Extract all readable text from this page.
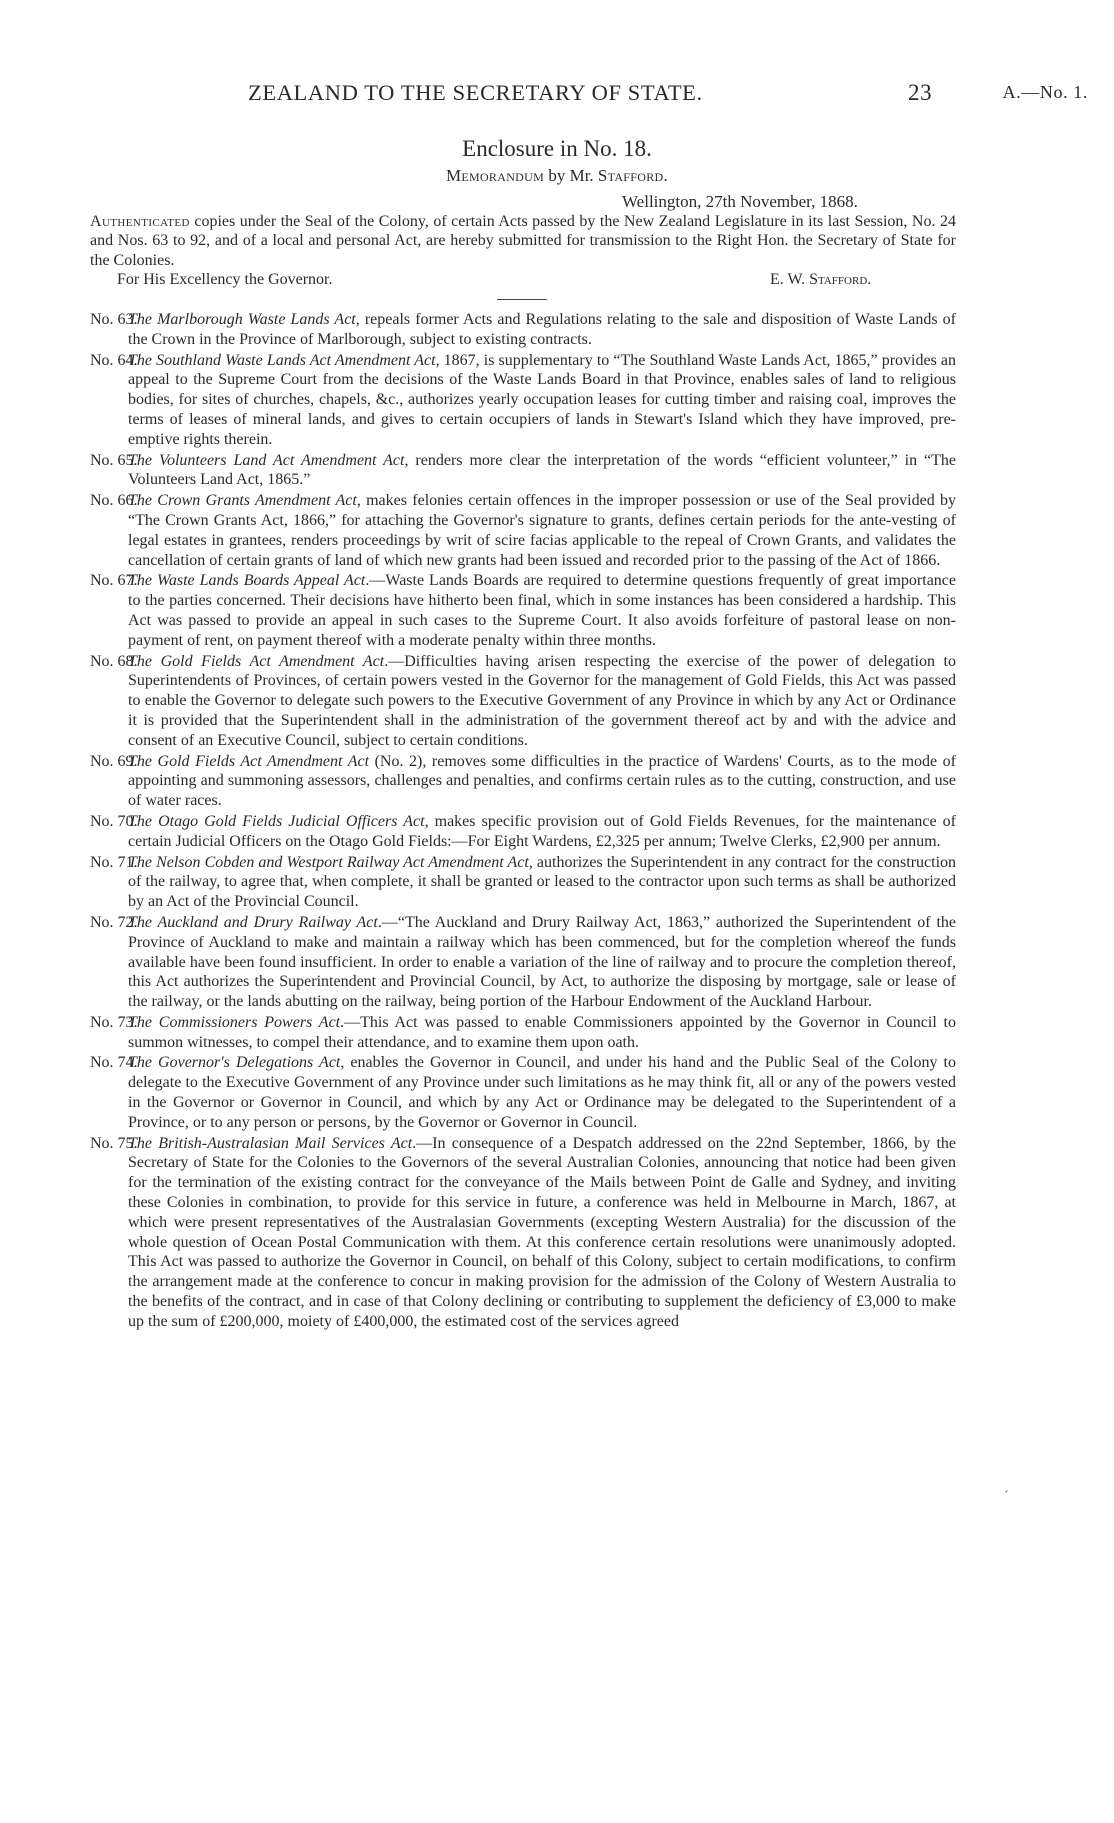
ZEALAND TO THE SECRETARY OF STATE.	23	A.—No. 1.
Enclosure in No. 18.
Memorandum by Mr. Stafford.
Wellington, 27th November, 1868.
Authenticated copies under the Seal of the Colony, of certain Acts passed by the New Zealand Legislature in its last Session, No. 24 and Nos. 63 to 92, and of a local and personal Act, are hereby submitted for transmission to the Right Hon. the Secretary of State for the Colonies.
For His Excellency the Governor.	E. W. Stafford.
No. 63.
The Marlborough Waste Lands Act, repeals former Acts and Regulations relating to the sale and disposition of Waste Lands of the Crown in the Province of Marlborough, subject to existing contracts.
No. 64.
The Southland Waste Lands Act Amendment Act, 1867, is supplementary to “The Southland Waste Lands Act, 1865,” provides an appeal to the Supreme Court from the decisions of the Waste Lands Board in that Province, enables sales of land to religious bodies, for sites of churches, chapels, &c., authorizes yearly occupation leases for cutting timber and raising coal, improves the terms of leases of mineral lands, and gives to certain occupiers of lands in Stewart's Island which they have improved, pre-emptive rights therein.
No. 65.
The Volunteers Land Act Amendment Act, renders more clear the interpretation of the words “efficient volunteer,” in “The Volunteers Land Act, 1865.”
No. 66.
The Crown Grants Amendment Act, makes felonies certain offences in the improper possession or use of the Seal provided by “The Crown Grants Act, 1866,” for attaching the Governor's signature to grants, defines certain periods for the ante-vesting of legal estates in grantees, renders proceedings by writ of scire facias applicable to the repeal of Crown Grants, and validates the cancellation of certain grants of land of which new grants had been issued and recorded prior to the passing of the Act of 1866.
No. 67.
The Waste Lands Boards Appeal Act.—Waste Lands Boards are required to determine questions frequently of great importance to the parties concerned. Their decisions have hitherto been final, which in some instances has been considered a hardship. This Act was passed to provide an appeal in such cases to the Supreme Court. It also avoids forfeiture of pastoral lease on non-payment of rent, on payment thereof with a moderate penalty within three months.
No. 68.
The Gold Fields Act Amendment Act.—Difficulties having arisen respecting the exercise of the power of delegation to Superintendents of Provinces, of certain powers vested in the Governor for the management of Gold Fields, this Act was passed to enable the Governor to delegate such powers to the Executive Government of any Province in which by any Act or Ordinance it is provided that the Superintendent shall in the administration of the government thereof act by and with the advice and consent of an Executive Council, subject to certain conditions.
No. 69.
The Gold Fields Act Amendment Act (No. 2), removes some difficulties in the practice of Wardens' Courts, as to the mode of appointing and summoning assessors, challenges and penalties, and confirms certain rules as to the cutting, construction, and use of water races.
No. 70.
The Otago Gold Fields Judicial Officers Act, makes specific provision out of Gold Fields Revenues, for the maintenance of certain Judicial Officers on the Otago Gold Fields:—For Eight Wardens, £2,325 per annum; Twelve Clerks, £2,900 per annum.
No. 71.
The Nelson Cobden and Westport Railway Act Amendment Act, authorizes the Superintendent in any contract for the construction of the railway, to agree that, when complete, it shall be granted or leased to the contractor upon such terms as shall be authorized by an Act of the Provincial Council.
No. 72.
The Auckland and Drury Railway Act.—“The Auckland and Drury Railway Act, 1863,” authorized the Superintendent of the Province of Auckland to make and maintain a railway which has been commenced, but for the completion whereof the funds available have been found insufficient. In order to enable a variation of the line of railway and to procure the completion thereof, this Act authorizes the Superintendent and Provincial Council, by Act, to authorize the disposing by mortgage, sale or lease of the railway, or the lands abutting on the railway, being portion of the Harbour Endowment of the Auckland Harbour.
No. 73.
The Commissioners Powers Act.—This Act was passed to enable Commissioners appointed by the Governor in Council to summon witnesses, to compel their attendance, and to examine them upon oath.
No. 74.
The Governor's Delegations Act, enables the Governor in Council, and under his hand and the Public Seal of the Colony to delegate to the Executive Government of any Province under such limitations as he may think fit, all or any of the powers vested in the Governor or Governor in Council, and which by any Act or Ordinance may be delegated to the Superintendent of a Province, or to any person or persons, by the Governor or Governor in Council.
No. 75.
The British-Australasian Mail Services Act.—In consequence of a Despatch addressed on the 22nd September, 1866, by the Secretary of State for the Colonies to the Governors of the several Australian Colonies, announcing that notice had been given for the termination of the existing contract for the conveyance of the Mails between Point de Galle and Sydney, and inviting these Colonies in combination, to provide for this service in future, a conference was held in Melbourne in March, 1867, at which were present representatives of the Australasian Governments (excepting Western Australia) for the discussion of the whole question of Ocean Postal Communication with them. At this conference certain resolutions were unanimously adopted. This Act was passed to authorize the Governor in Council, on behalf of this Colony, subject to certain modifications, to confirm the arrangement made at the conference to concur in making provision for the admission of the Colony of Western Australia to the benefits of the contract, and in case of that Colony declining or contributing to supplement the deficiency of £3,000 to make up the sum of £200,000, moiety of £400,000, the estimated cost of the services agreed
ˊ
